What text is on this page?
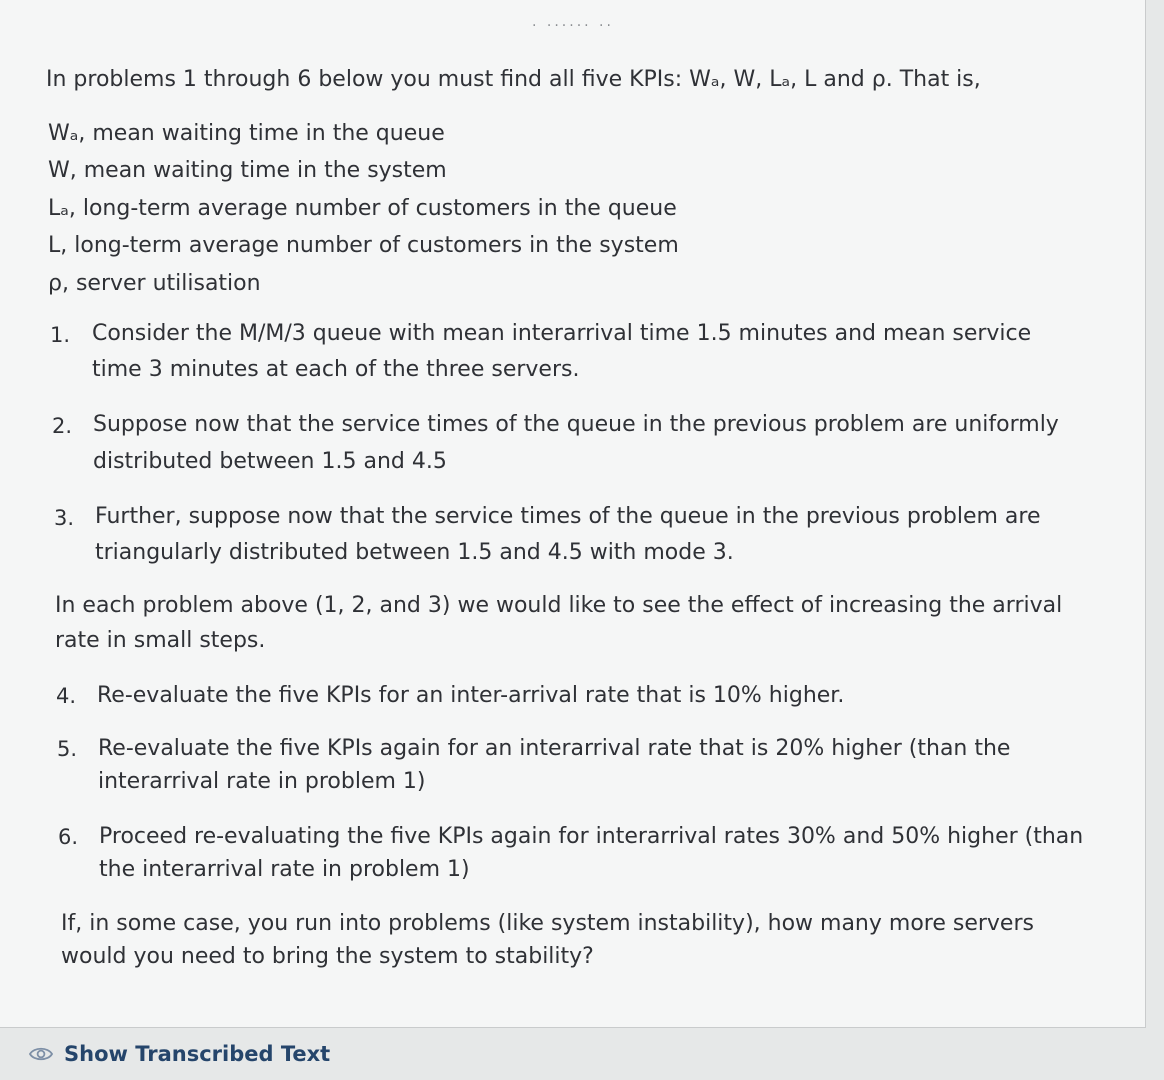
. ...... ..
In problems 1 through 6 below you must find all five KPIs: Wₐ, W, Lₐ, L and ρ. That is,
Wₐ, mean waiting time in the queue
W, mean waiting time in the system
Lₐ, long-term average number of customers in the queue
L, long-term average number of customers in the system
ρ, server utilisation
1. Consider the M/M/3 queue with mean interarrival time 1.5 minutes and mean service
time 3 minutes at each of the three servers.
2. Suppose now that the service times of the queue in the previous problem are uniformly
distributed between 1.5 and 4.5
3. Further, suppose now that the service times of the queue in the previous problem are
triangularly distributed between 1.5 and 4.5 with mode 3.
In each problem above (1, 2, and 3) we would like to see the effect of increasing the arrival
rate in small steps.
4. Re-evaluate the five KPIs for an inter-arrival rate that is 10% higher.
5. Re-evaluate the five KPIs again for an interarrival rate that is 20% higher (than the
interarrival rate in problem 1)
6. Proceed re-evaluating the five KPIs again for interarrival rates 30% and 50% higher (than
the interarrival rate in problem 1)
If, in some case, you run into problems (like system instability), how many more servers
would you need to bring the system to stability?
Show Transcribed Text
